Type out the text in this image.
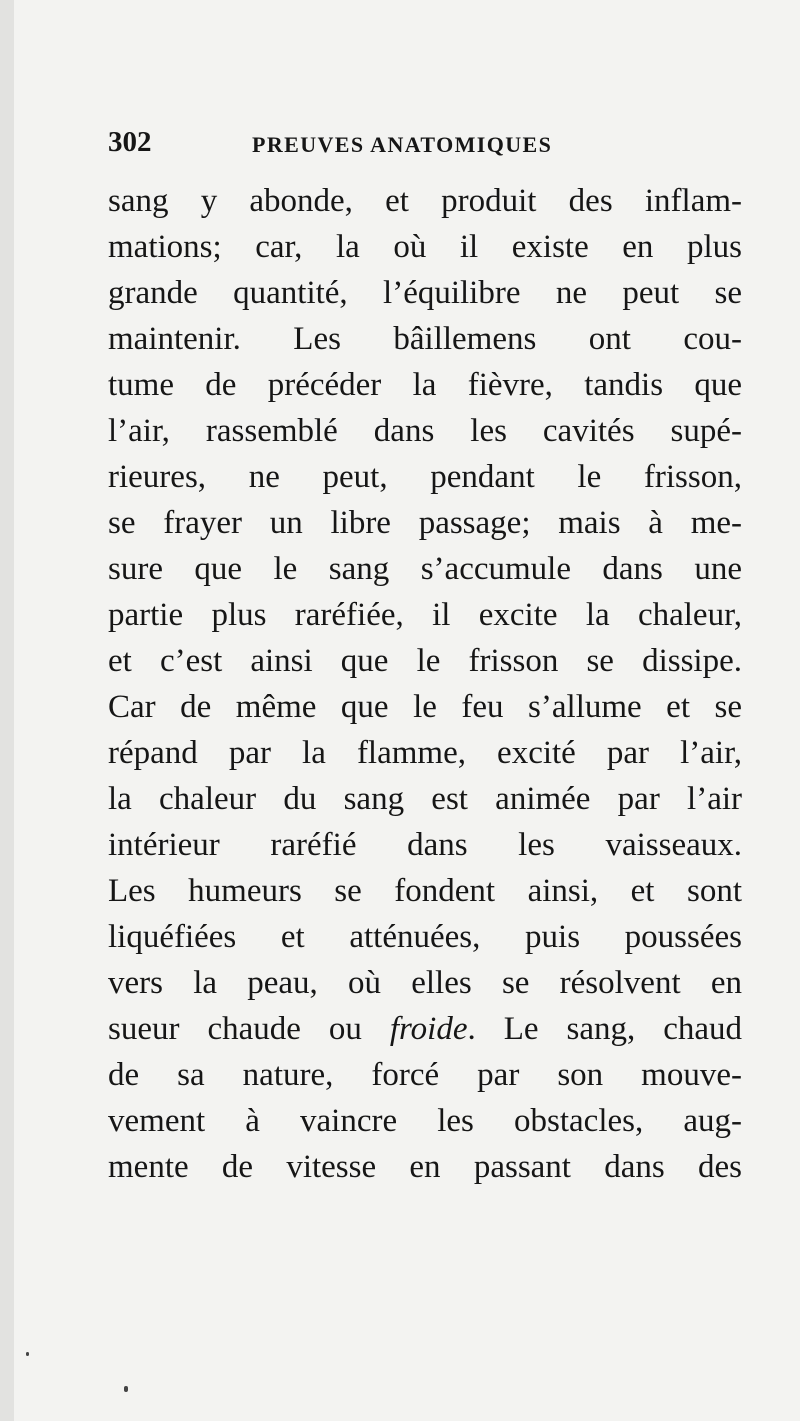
302	PREUVES ANATOMIQUES
sang y abonde, et produit des inflam-
mations; car, la où il existe en plus
grande quantité, l’équilibre ne peut se
maintenir. Les bâillemens ont cou-
tume de précéder la fièvre, tandis que
l’air, rassemblé dans les cavités supé-
rieures, ne peut, pendant le frisson,
se frayer un libre passage; mais à me-
sure que le sang s’accumule dans une
partie plus raréfiée, il excite la chaleur,
et c’est ainsi que le frisson se dissipe.
Car de même que le feu s’allume et se
répand par la flamme, excité par l’air,
la chaleur du sang est animée par l’air
intérieur raréfié dans les vaisseaux.
Les humeurs se fondent ainsi, et sont
liquéfiées et atténuées, puis poussées
vers la peau, où elles se résolvent en
sueur chaude ou froide. Le sang, chaud
de sa nature, forcé par son mouve-
vement à vaincre les obstacles, aug-
mente de vitesse en passant dans des
